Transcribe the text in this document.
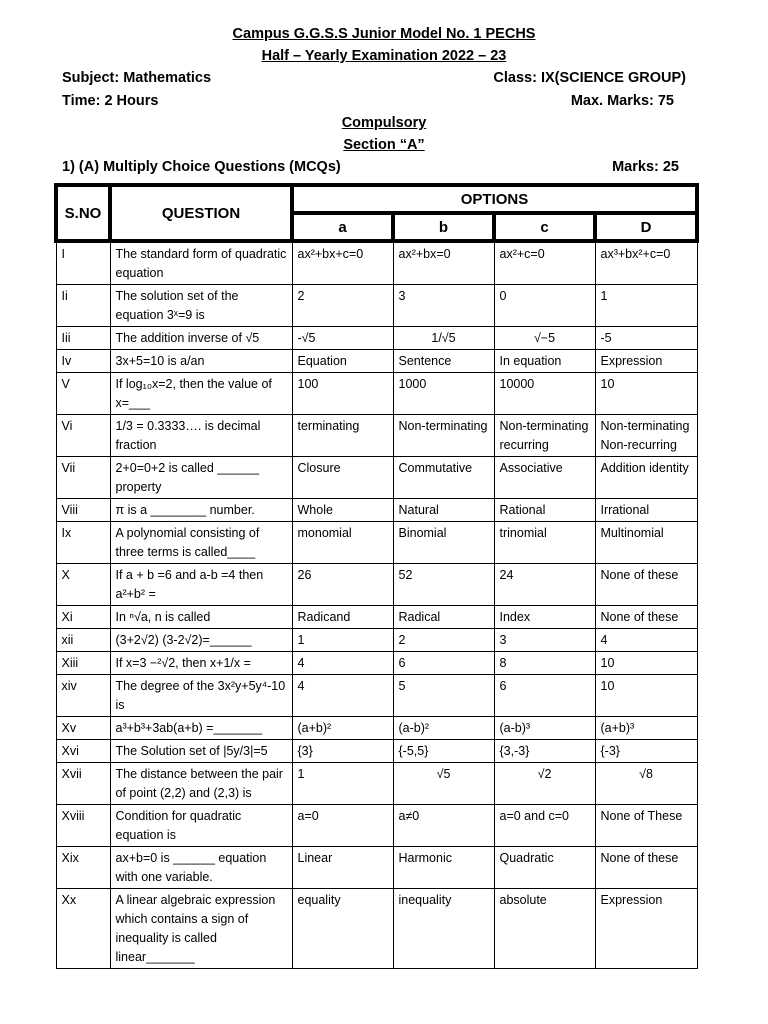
Campus G.G.S.S Junior Model No. 1 PECHS
Half – Yearly Examination 2022 – 23
Subject: Mathematics	Class: IX(SCIENCE GROUP)
Time: 2 Hours	Max. Marks: 75
Compulsory
Section “A”
1) (A) Multiply Choice Questions (MCQs)	Marks: 25
S.NO	QUESTION	OPTIONS			
		a	b	c	D
I	The standard form of quadratic equation	ax²+bx+c=0	ax²+bx=0	ax²+c=0	ax³+bx²+c=0
Ii	The solution set of the equation 3ˣ=9 is	2	3	0	1
Iii	The addition inverse of √5	-√5	1/√5	√−5	-5
Iv	3x+5=10 is a/an	Equation	Sentence	In equation	Expression
V	If log₁₀x=2, then the value of x=___	100	1000	10000	10
Vi	1/3 = 0.3333…. is decimal fraction	terminating	Non-terminating	Non-terminating recurring	Non-terminating Non-recurring
Vii	2+0=0+2 is called ______ property	Closure	Commutative	Associative	Addition identity
Viii	π is a ________ number.	Whole	Natural	Rational	Irrational
Ix	A polynomial consisting of three terms is called____	monomial	Binomial	trinomial	Multinomial
X	If a + b =6 and a-b =4 then a²+b² =	26	52	24	None of these
Xi	In ⁿ√a, n is called	Radicand	Radical	Index	None of these
xii	(3+2√2) (3-2√2)=______	1	2	3	4
Xiii	If x=3 −²√2, then x+1/x =	4	6	8	10
xiv	The degree of the 3x²y+5y⁴-10 is	4	5	6	10
Xv	a³+b³+3ab(a+b) =_______	(a+b)²	(a-b)²	(a-b)³	(a+b)³
Xvi	The Solution set of |5y/3|=5	{3}	{-5,5}	{3,-3}	{-3}
Xvii	The distance between the pair of point (2,2) and (2,3) is	1	√5	√2	√8
Xviii	Condition for quadratic equation is	a=0	a≠0	a=0 and c=0	None of These
Xix	ax+b=0 is ______ equation with one variable.	Linear	Harmonic	Quadratic	None of these
Xx	A linear algebraic expression which contains a sign of inequality is called linear_______	equality	inequality	absolute	Expression
